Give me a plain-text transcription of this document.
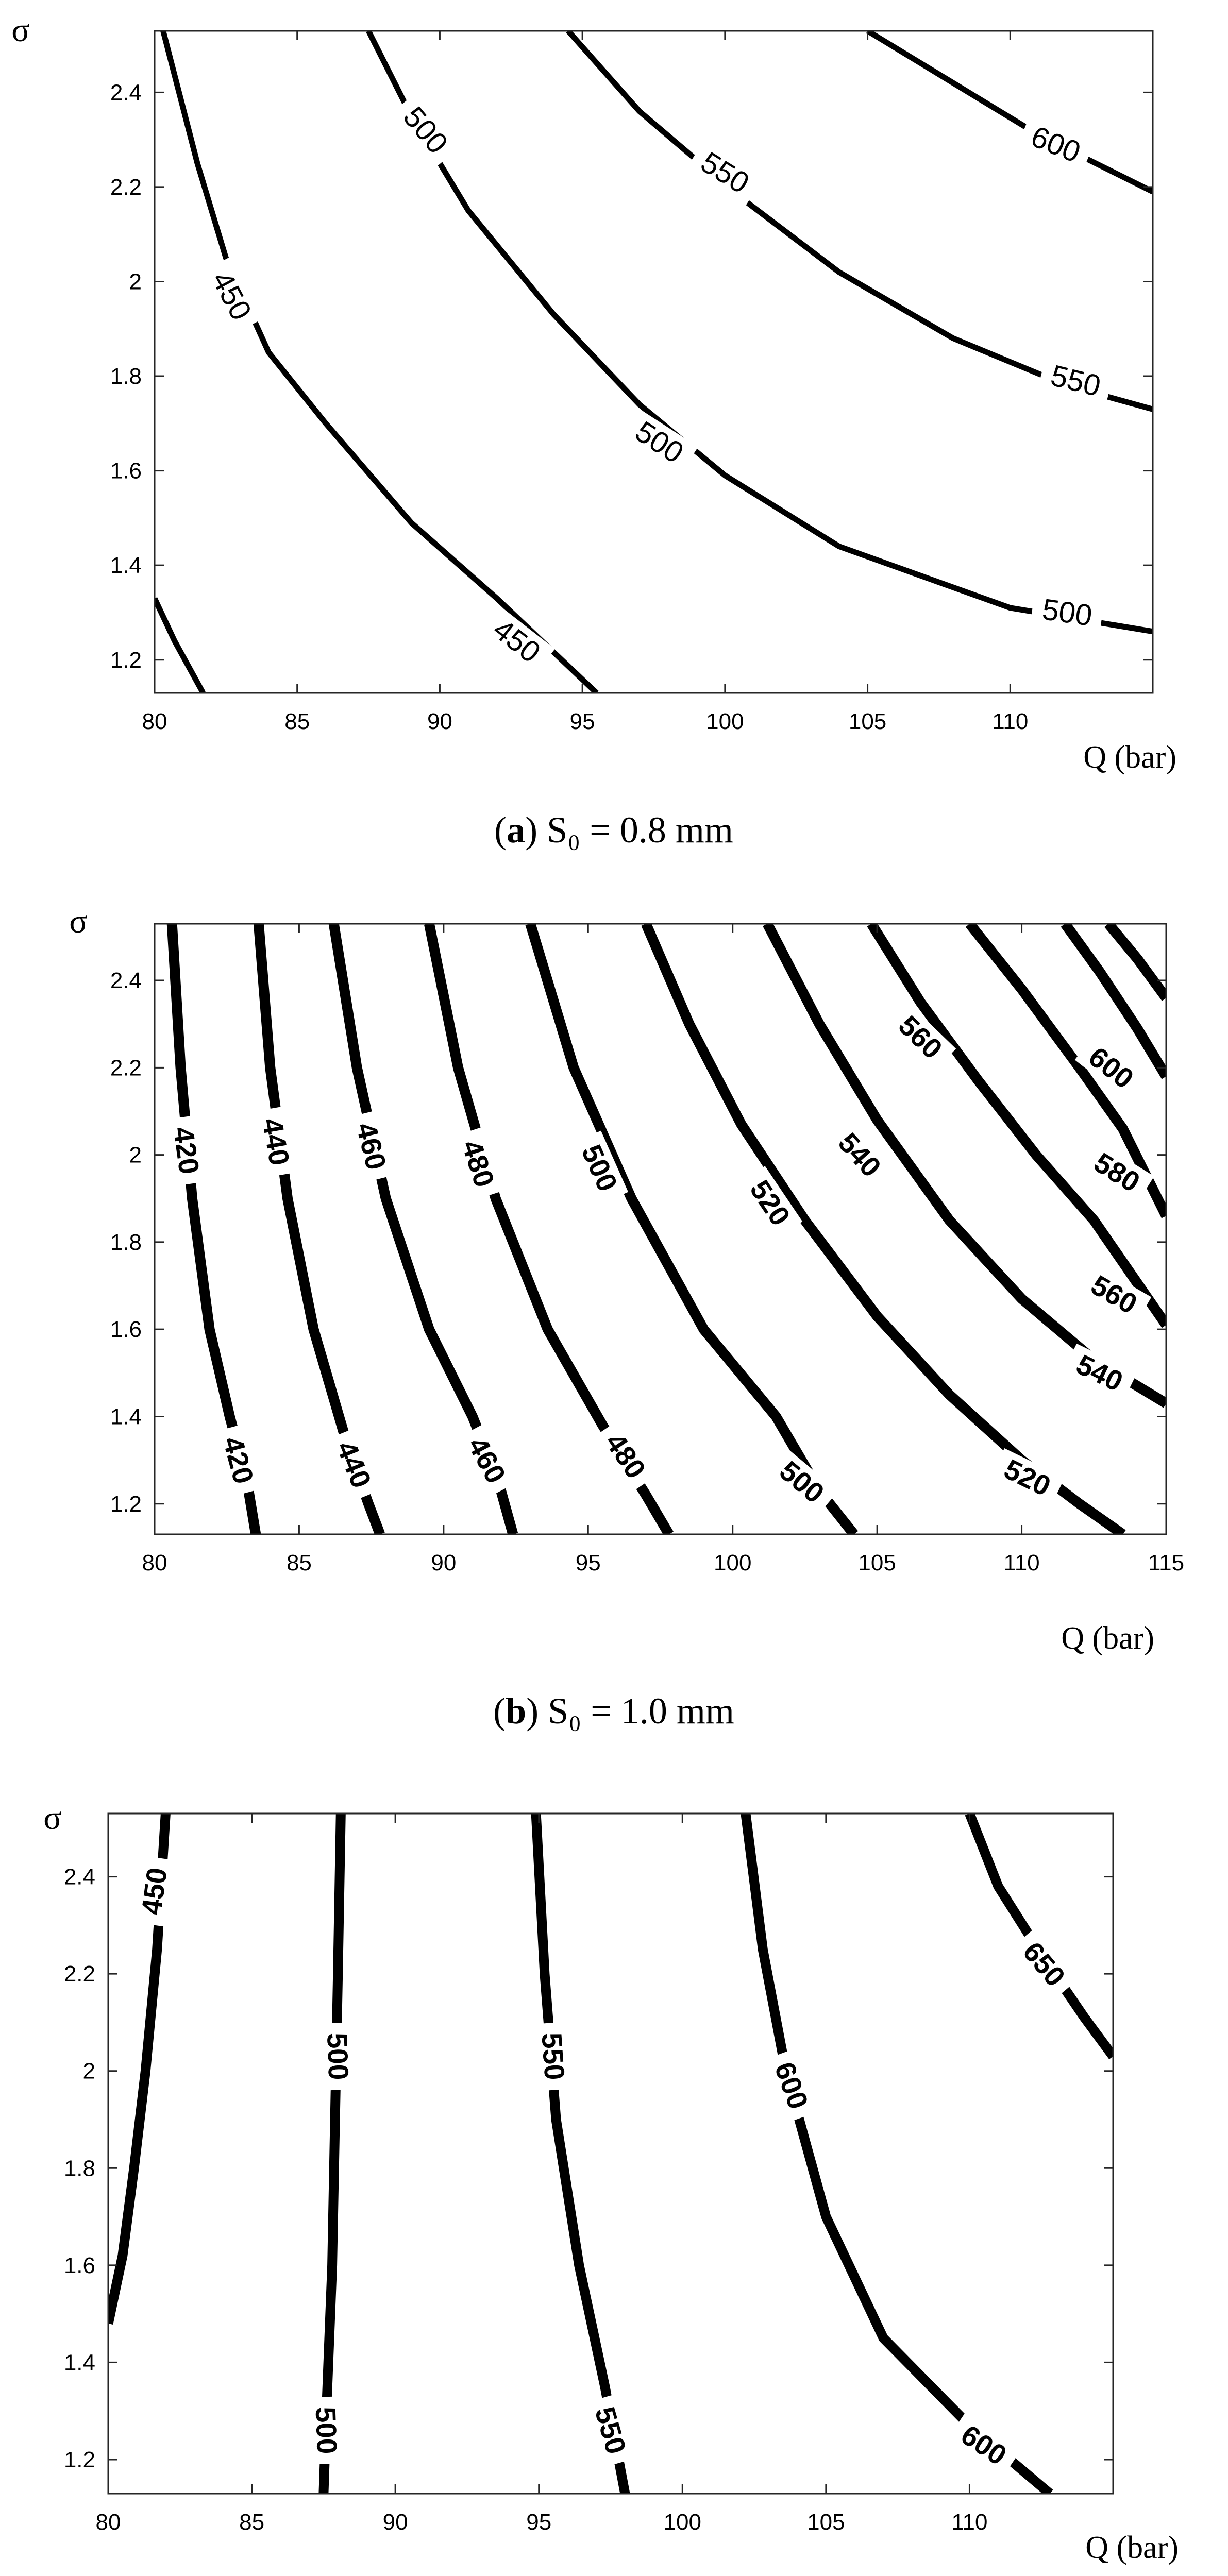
450
450
500
500
500
550
550
600
80	85	90	95	100	105	110
1.2
1.4
1.6
1.8
2
2.2
2.4
Q (bar)
σ
(a) S₀ = 0.8 mm
420
420
440
440
460
460
480
480
500
500
520
520
540
540
560
560
580
600
80	85	90	95	100	105	110	115
1.2
1.4
1.6
1.8
2
2.2
2.4
Q (bar)
σ
(b) S₀ = 1.0 mm
450
500
500
550
550
600
600
650
80	85	90	95	100	105	110
1.2
1.4
1.6
1.8
2
2.2
2.4
Q (bar)
σ
